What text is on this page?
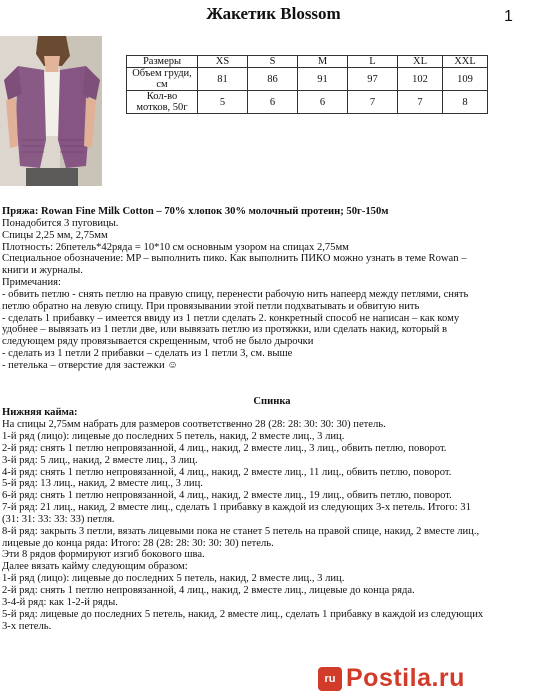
Жакетик Blossom	1
Размеры	XS	S	M	L	XL	XXL
Объем груди, см	81	86	91	97	102	109
Кол-во мотков, 50г	5	6	6	7	7	8
Пряжа: Rowan Fine Milk Cotton – 70% хлопок 30% молочный протеин; 50г-150м
Понадобится 3 пуговицы.
Спицы 2,25 мм, 2,75мм
Плотность: 26петель*42ряда = 10*10 см основным узором на спицах 2,75мм
Специальное обозначение: MP – выполнить пико. Как выполнить ПИКО можно узнать в теме Rowan –
книги и журналы.
Примечания:
- обвить петлю - снять петлю на правую спицу, перенести рабочую нить напеерд между петлями, снять
петлю обратно на левую спицу. При провязывании этой петли подхватывать и обвитую нить
- сделать 1 прибавку – имеется ввиду из 1 петли сделать 2. конкретный способ не написан – как кому
удобнее – вывязать из 1 петли две, или вывязать петлю из протяжки, или сделать накид, который в
следующем ряду провязывается скрещенным, чтоб не было дырочки
- сделать из 1 петли 2 прибавки – сделать из 1 петли 3, см. выше
- петелька – отверстие для застежки ☺
Спинка
Нижняя кайма:
На спицы 2,75мм набрать для размеров соответственно 28 (28: 28: 30: 30: 30) петель.
1-й ряд (лицо): лицевые до последних 5 петель, накид, 2 вместе лиц., 3 лиц.
2-й ряд: снять 1 петлю непровязанной, 4 лиц., накид, 2 вместе лиц., 3 лиц., обвить петлю, поворот.
3-й ряд: 5 лиц., накид, 2 вместе лиц., 3 лиц.
4-й ряд: снять 1 петлю непровязанной, 4 лиц., накид, 2 вместе лиц., 11 лиц., обвить петлю, поворот.
5-й ряд: 13 лиц., накид, 2 вместе лиц., 3 лиц.
6-й ряд: снять 1 петлю непровязанной, 4 лиц., накид, 2 вместе лиц., 19 лиц., обвить петлю, поворот.
7-й ряд: 21 лиц., накид, 2 вместе лиц., сделать 1 прибавку в каждой из следующих 3-х петель. Итого: 31
(31: 31: 33: 33: 33) петля.
8-й ряд: закрыть 3 петли, вязать лицевыми пока не станет 5 петель на правой спице, накид, 2 вместе лиц.,
лицевые до конца ряда: Итого: 28 (28: 28: 30: 30: 30) петель.
Эти 8 рядов формируют изгиб бокового шва.
Далее вязать кайму следующим образом:
1-й ряд (лицо): лицевые до последних 5 петель, накид, 2 вместе лиц., 3 лиц.
2-й ряд: снять 1 петлю непровязанной, 4 лиц., накид, 2 вместе лиц., лицевые до конца ряда.
3-4-й ряд: как 1-2-й ряды.
5-й ряд: лицевые до последних 5 петель, накид, 2 вместе лиц., сделать 1 прибавку в каждой из следующих
3-х петель.
ru Postila.ru
